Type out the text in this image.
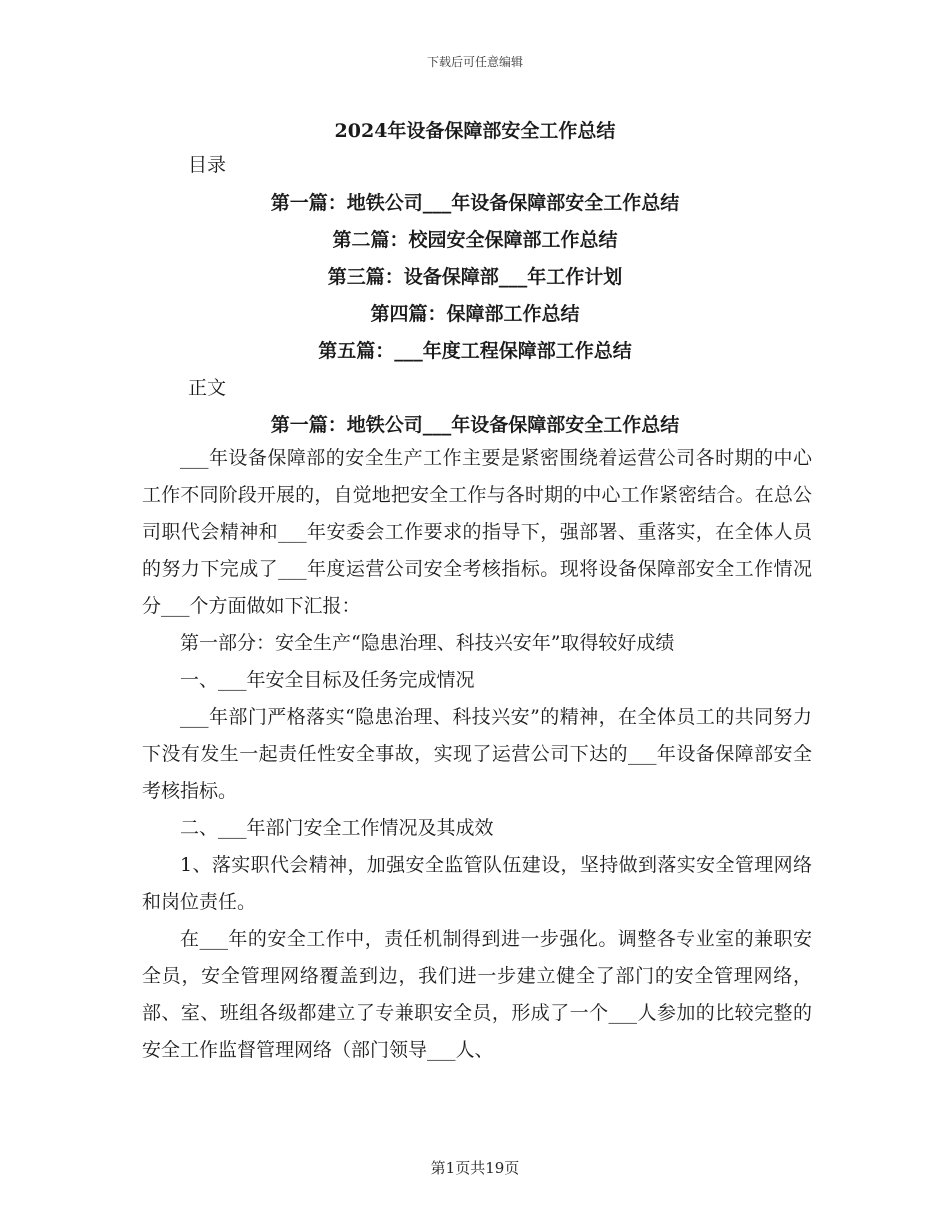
下载后可任意编辑
2024年设备保障部安全工作总结
目录
第一篇：地铁公司___年设备保障部安全工作总结
第二篇：校园安全保障部工作总结
第三篇：设备保障部___年工作计划
第四篇：保障部工作总结
第五篇：___年度工程保障部工作总结
正文
第一篇：地铁公司___年设备保障部安全工作总结

___年设备保障部的安全生产工作主要是紧密围绕着运营公司各时期的中心工作不同阶段开展的，自觉地把安全工作与各时期的中心工作紧密结合。在总公司职代会精神和___年安委会工作要求的指导下，强部署、重落实，在全体人员的努力下完成了___年度运营公司安全考核指标。现将设备保障部安全工作情况分___个方面做如下汇报：

第一部分：安全生产“隐患治理、科技兴安年”取得较好成绩

一、___年安全目标及任务完成情况

___年部门严格落实“隐患治理、科技兴安”的精神，在全体员工的共同努力下没有发生一起责任性安全事故，实现了运营公司下达的___年设备保障部安全考核指标。

二、___年部门安全工作情况及其成效

1、落实职代会精神，加强安全监管队伍建设，坚持做到落实安全管理网络和岗位责任。

在___年的安全工作中，责任机制得到进一步强化。调整各专业室的兼职安全员，安全管理网络覆盖到边，我们进一步建立健全了部门的安全管理网络，部、室、班组各级都建立了专兼职安全员，形成了一个___人参加的比较完整的安全工作监督管理网络（部门领导___人、

第1页共19页
